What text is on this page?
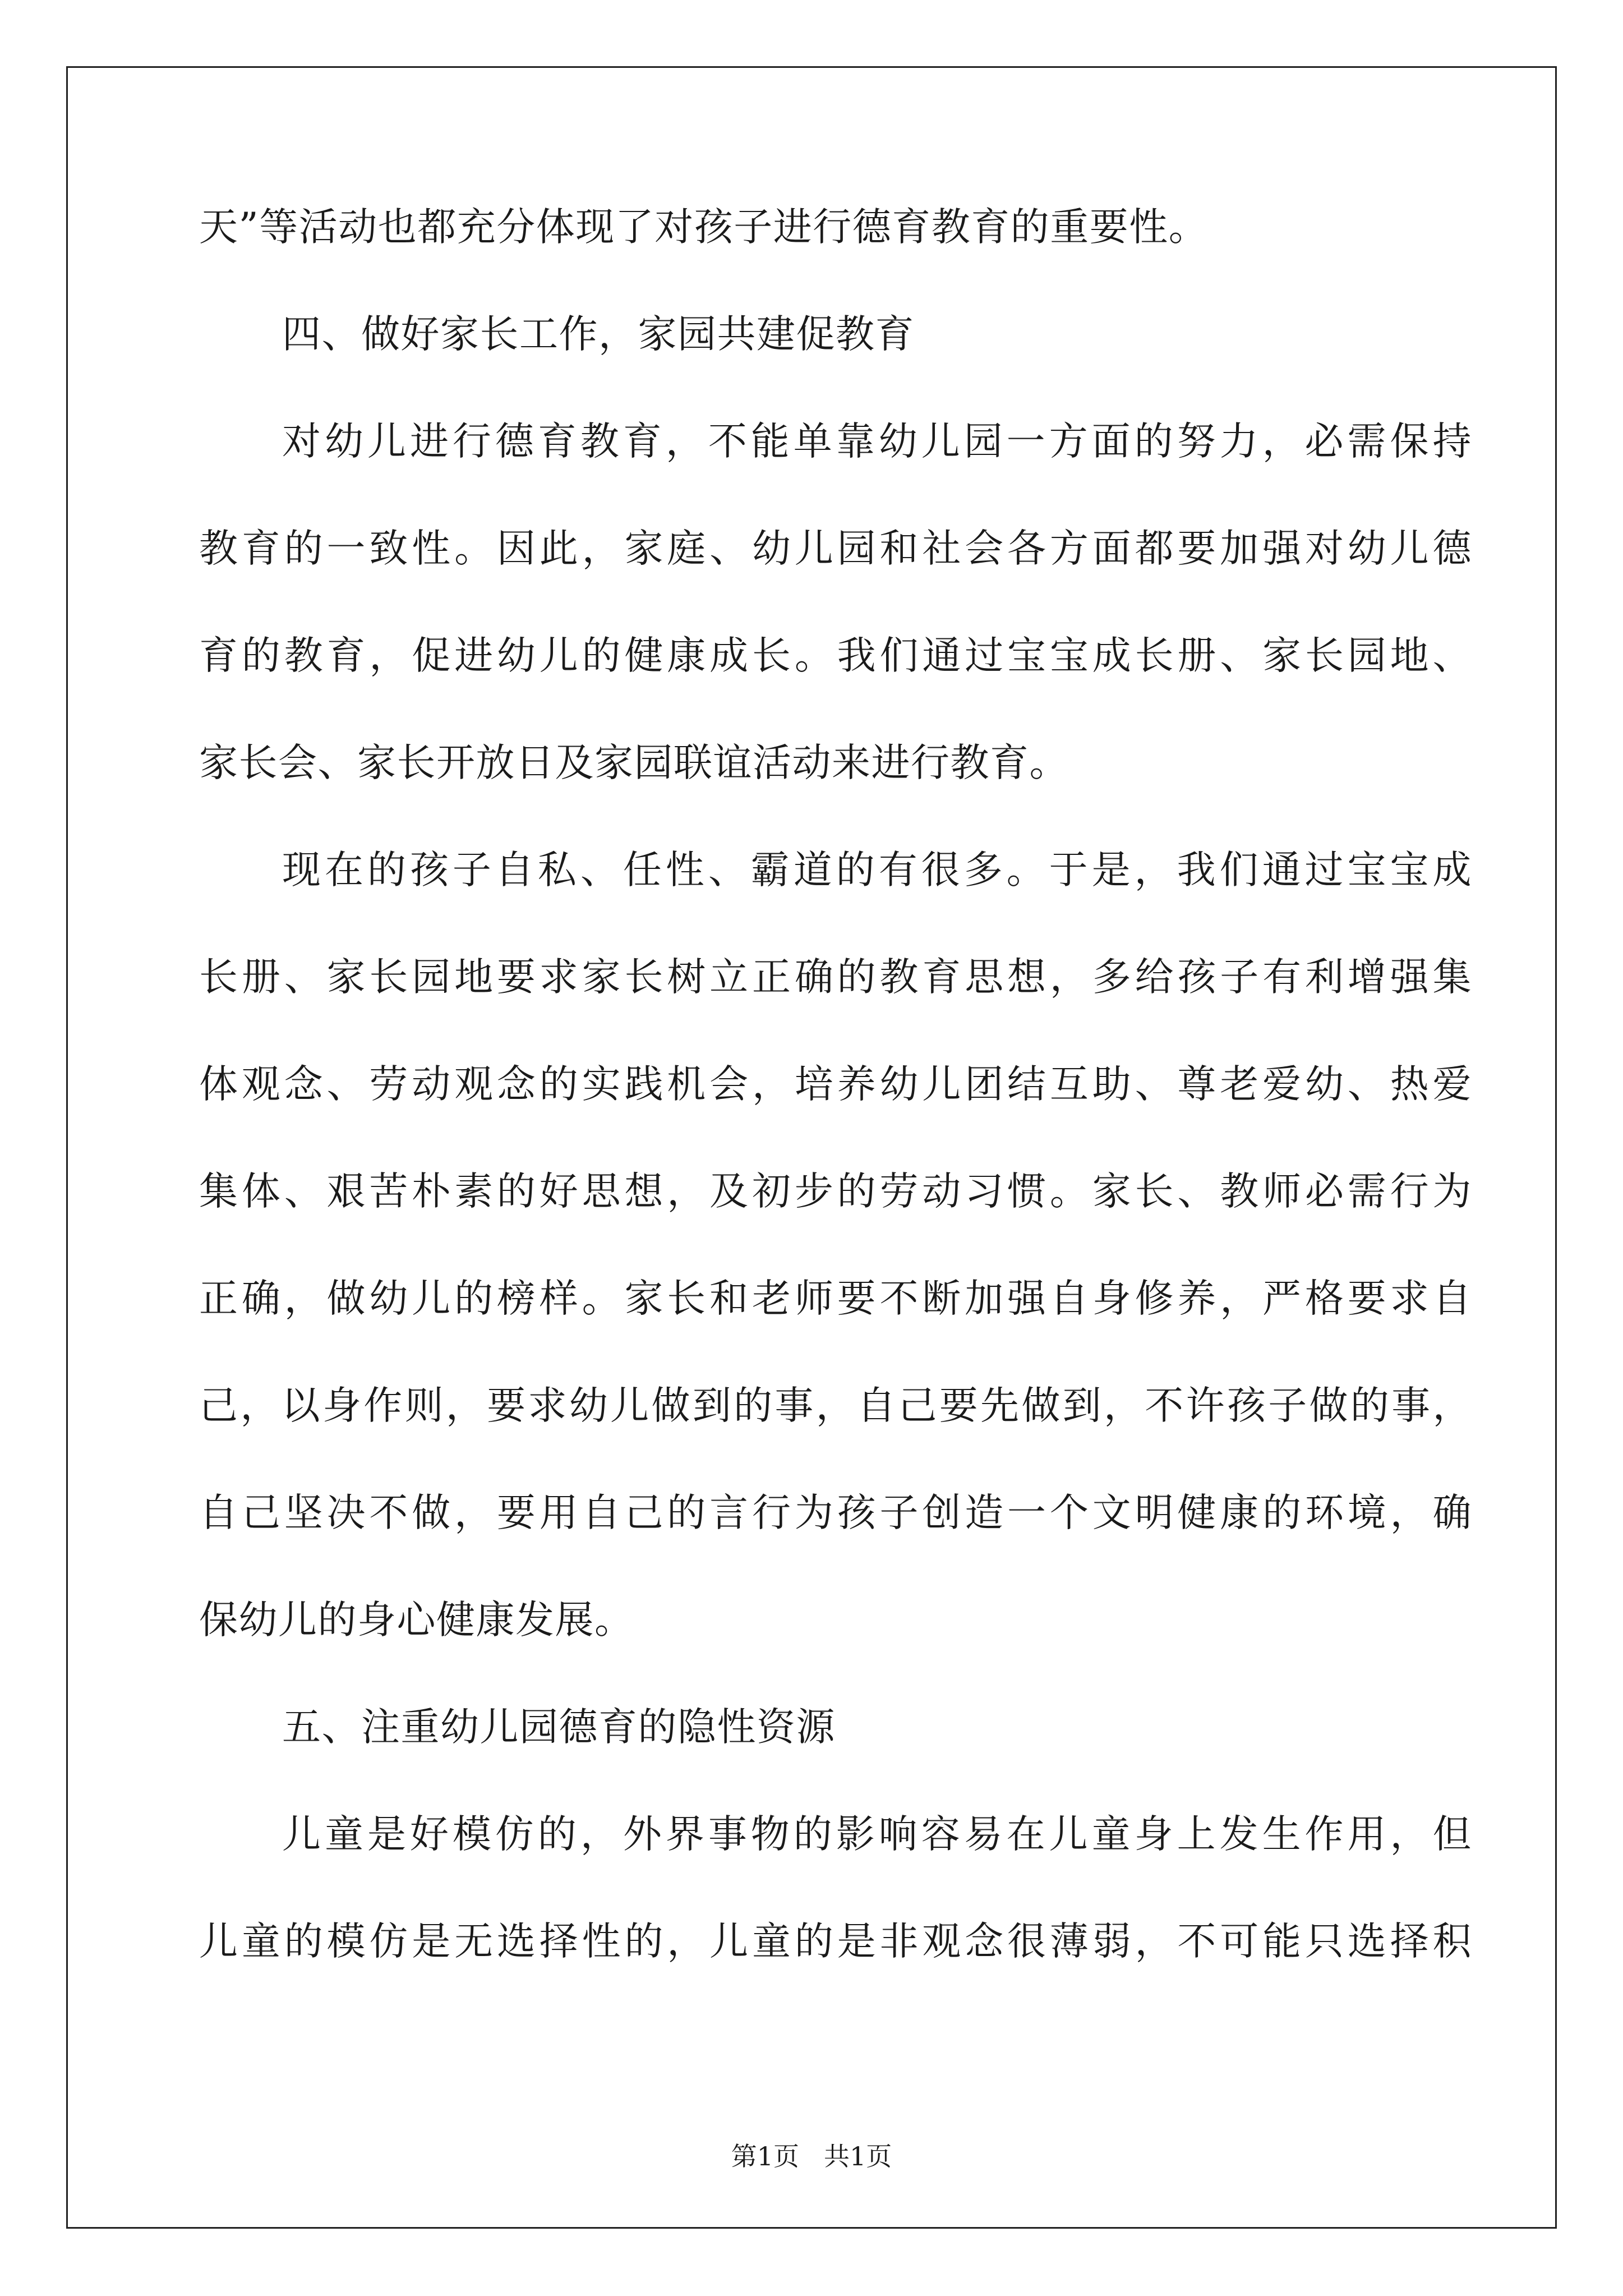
天”等活动也都充分体现了对孩子进行德育教育的重要性。
四、做好家长工作，家园共建促教育
对幼儿进行德育教育，不能单靠幼儿园一方面的努力，必需保持
教育的一致性。因此，家庭、幼儿园和社会各方面都要加强对幼儿德
育的教育，促进幼儿的健康成长。我们通过宝宝成长册、家长园地、
家长会、家长开放日及家园联谊活动来进行教育。
现在的孩子自私、任性、霸道的有很多。于是，我们通过宝宝成
长册、家长园地要求家长树立正确的教育思想，多给孩子有利增强集
体观念、劳动观念的实践机会，培养幼儿团结互助、尊老爱幼、热爱
集体、艰苦朴素的好思想，及初步的劳动习惯。家长、教师必需行为
正确，做幼儿的榜样。家长和老师要不断加强自身修养，严格要求自
己，以身作则，要求幼儿做到的事，自己要先做到，不许孩子做的事，
自己坚决不做，要用自己的言行为孩子创造一个文明健康的环境，确
保幼儿的身心健康发展。
五、注重幼儿园德育的隐性资源
儿童是好模仿的，外界事物的影响容易在儿童身上发生作用，但
儿童的模仿是无选择性的，儿童的是非观念很薄弱，不可能只选择积
第1页 共1页
